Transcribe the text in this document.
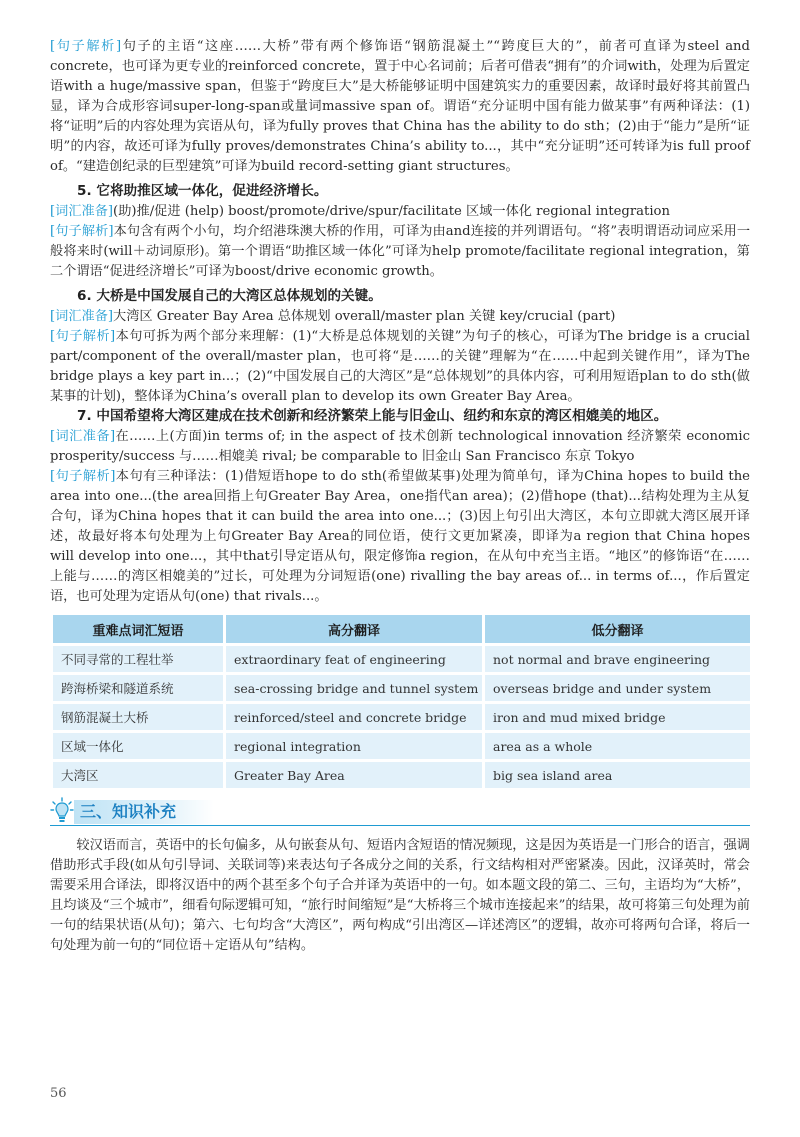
[句子解析]句子的主语“这座……大桥”带有两个修饰语“钢筋混凝土”“跨度巨大的”，前者可直译为steel and concrete，也可译为更专业的reinforced concrete，置于中心名词前；后者可借表“拥有”的介词with，处理为后置定语with a huge/massive span，但鉴于“跨度巨大”是大桥能够证明中国建筑实力的重要因素，故译时最好将其前置凸显，译为合成形容词super-long-span或量词massive span of。谓语“充分证明中国有能力做某事”有两种译法：(1)将“证明”后的内容处理为宾语从句，译为fully proves that China has the ability to do sth；(2)由于“能力”是所“证明”的内容，故还可译为fully proves/demonstrates China’s ability to...，其中“充分证明”还可转译为is full proof of。“建造创纪录的巨型建筑”可译为build record-setting giant structures。

5. 它将助推区域一体化，促进经济增长。

[词汇准备](助)推/促进 (help) boost/promote/drive/spur/facilitate 区域一体化 regional integration

[句子解析]本句含有两个小句，均介绍港珠澳大桥的作用，可译为由and连接的并列谓语句。“将”表明谓语动词应采用一般将来时(will＋动词原形)。第一个谓语“助推区域一体化”可译为help promote/facilitate regional integration，第二个谓语“促进经济增长”可译为boost/drive economic growth。

6. 大桥是中国发展自己的大湾区总体规划的关键。

[词汇准备]大湾区 Greater Bay Area 总体规划 overall/master plan 关键 key/crucial (part)

[句子解析]本句可拆为两个部分来理解：(1)“大桥是总体规划的关键”为句子的核心，可译为The bridge is a crucial part/component of the overall/master plan，也可将“是……的关键”理解为“在……中起到关键作用”，译为The bridge plays a key part in...；(2)“中国发展自己的大湾区”是“总体规划”的具体内容，可利用短语plan to do sth(做某事的计划)，整体译为China’s overall plan to develop its own Greater Bay Area。

7. 中国希望将大湾区建成在技术创新和经济繁荣上能与旧金山、纽约和东京的湾区相媲美的地区。

[词汇准备]在……上(方面)in terms of; in the aspect of 技术创新 technological innovation 经济繁荣 economic prosperity/success 与……相媲美 rival; be comparable to 旧金山 San Francisco 东京 Tokyo

[句子解析]本句有三种译法：(1)借短语hope to do sth(希望做某事)处理为简单句，译为China hopes to build the area into one...(the area回指上句Greater Bay Area，one指代an area)；(2)借hope (that)...结构处理为主从复合句，译为China hopes that it can build the area into one...；(3)因上句引出大湾区，本句立即就大湾区展开译述，故最好将本句处理为上句Greater Bay Area的同位语，使行文更加紧凑，即译为a region that China hopes will develop into one...，其中that引导定语从句，限定修饰a region，在从句中充当主语。“地区”的修饰语“在……上能与……的湾区相媲美的”过长，可处理为分词短语(one) rivalling the bay areas of... in terms of...，作后置定语，也可处理为定语从句(one) that rivals...。

重难点词汇短语	高分翻译	低分翻译
不同寻常的工程壮举	extraordinary feat of engineering	not normal and brave engineering
跨海桥梁和隧道系统	sea-crossing bridge and tunnel system	overseas bridge and under system
钢筋混凝土大桥	reinforced/steel and concrete bridge	iron and mud mixed bridge
区域一体化	regional integration	area as a whole
大湾区	Greater Bay Area	big sea island area
三、知识补充

较汉语而言，英语中的长句偏多，从句嵌套从句、短语内含短语的情况频现，这是因为英语是一门形合的语言，强调借助形式手段(如从句引导词、关联词等)来表达句子各成分之间的关系，行文结构相对严密紧凑。因此，汉译英时，常会需要采用合译法，即将汉语中的两个甚至多个句子合并译为英语中的一句。如本题文段的第二、三句，主语均为“大桥”，且均谈及“三个城市”，细看句际逻辑可知，“旅行时间缩短”是“大桥将三个城市连接起来”的结果，故可将第三句处理为前一句的结果状语(从句)；第六、七句均含“大湾区”，两句构成“引出湾区—详述湾区”的逻辑，故亦可将两句合译，将后一句处理为前一句的“同位语＋定语从句”结构。

56
